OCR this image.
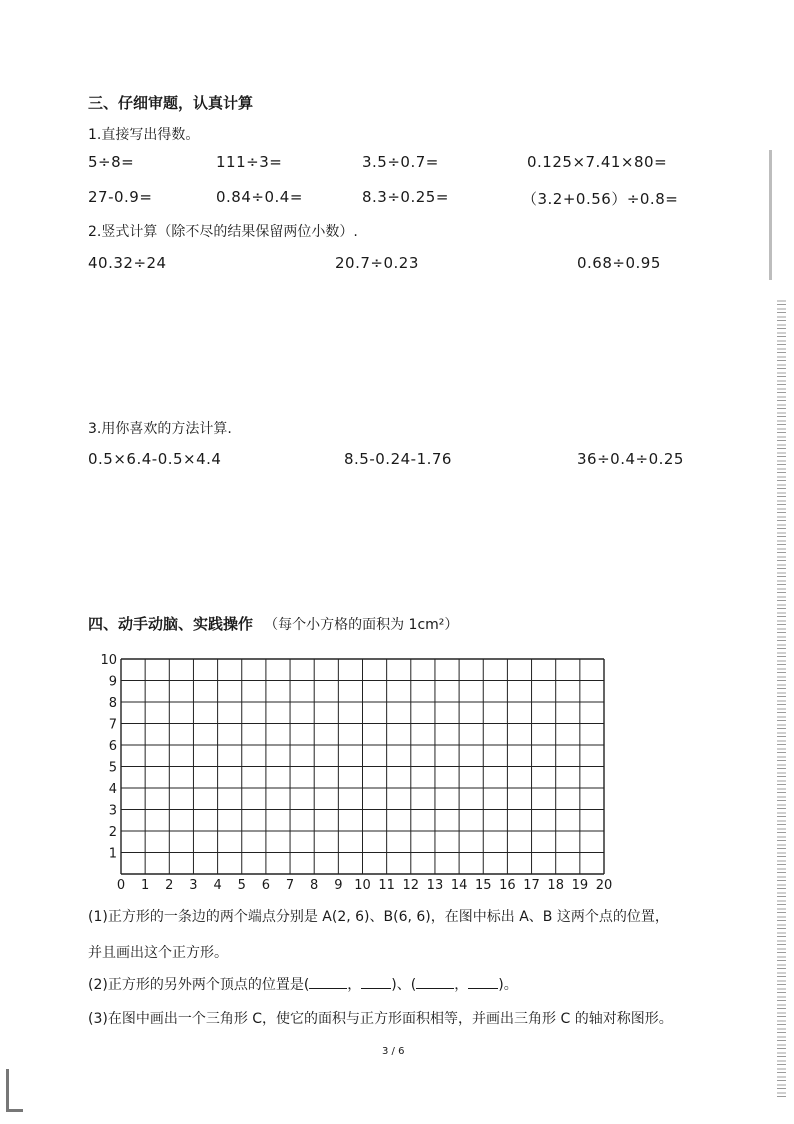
三、仔细审题，认真计算
1.直接写出得数。
5÷8=	111÷3=	3.5÷0.7=	0.125×7.41×80=
27-0.9=	0.84÷0.4=	8.3÷0.25=	（3.2+0.56）÷0.8=
2.竖式计算（除不尽的结果保留两位小数）.
40.32÷24	20.7÷0.23	0.68÷0.95
3.用你喜欢的方法计算.
0.5×6.4-0.5×4.4	8.5-0.24-1.76	36÷0.4÷0.25
四、动手动脑、实践操作 （每个小方格的面积为 1cm²）
0 1 2 3 4 5 6 7 8 9 10 11 12 13 14 15 16 17 18 19 20
1
2
3
4
5
6
7
8
9
10
(1)正方形的一条边的两个端点分别是 A(2, 6)、B(6, 6)，在图中标出 A、B 这两个点的位置，
并且画出这个正方形。
(2)正方形的另外两个顶点的位置是(	， )、(	， )。
(3)在图中画出一个三角形 C，使它的面积与正方形面积相等，并画出三角形 C 的轴对称图形。
3 / 6
